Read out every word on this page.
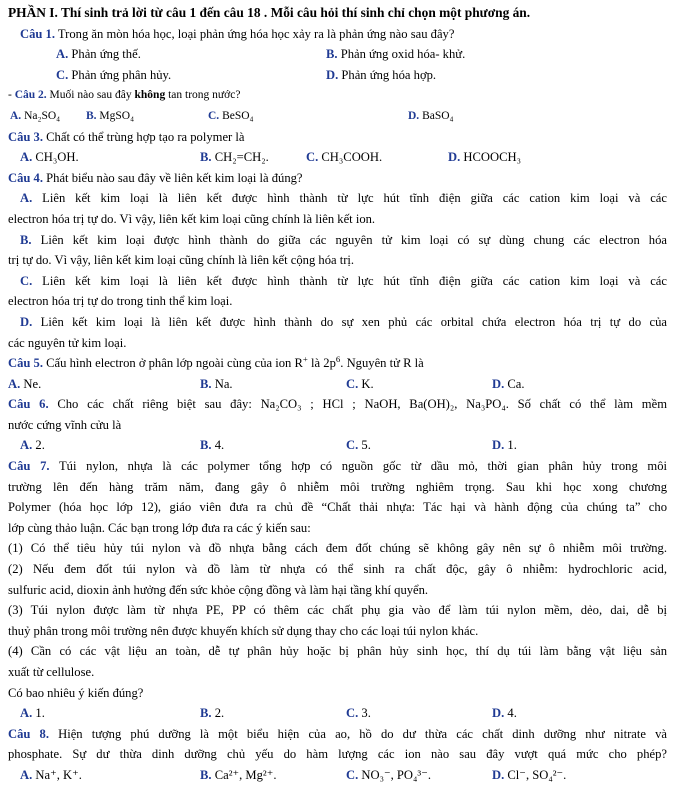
PHẦN I. Thí sinh trả lời từ câu 1 đến câu 18 . Mỗi câu hỏi thí sinh chỉ chọn một phương án.
Câu 1. Trong ăn mòn hóa học, loại phản ứng hóa học xảy ra là phản ứng nào sau đây?
A. Phản ứng thế.	B. Phản ứng oxid hóa- khử.
C. Phản ứng phân hủy.	D. Phản ứng hóa hợp.
- Câu 2. Muối nào sau đây không tan trong nước?
A. Na₂SO₄ B. MgSO₄	C. BeSO₄	D. BaSO₄
Câu 3. Chất có thể trùng hợp tạo ra polymer là
A. CH₃OH.	B. CH₂=CH₂.	C. CH₃COOH.	D. HCOOCH₃
Câu 4. Phát biểu nào sau đây về liên kết kim loại là đúng?
A. Liên kết kim loại là liên kết được hình thành từ lực hút tĩnh điện giữa các cation kim loại và các
electron hóa trị tự do. Vì vậy, liên kết kim loại cũng chính là liên kết ion.
B. Liên kết kim loại được hình thành do giữa các nguyên tử kim loại có sự dùng chung các electron hóa
trị tự do. Vì vậy, liên kết kim loại cũng chính là liên kết cộng hóa trị.
C. Liên kết kim loại là liên kết được hình thành từ lực hút tĩnh điện giữa các cation kim loại và các
electron hóa trị tự do trong tinh thể kim loại.
D. Liên kết kim loại là liên kết được hình thành do sự xen phủ các orbital chứa electron hóa trị tự do của
các nguyên tử kim loại.
Câu 5. Cấu hình electron ở phân lớp ngoài cùng của ion R+ là $2p^6$. Nguyên tử R là
A. Ne.	B. Na.	C. K.	D. Ca.
Câu 6. Cho các chất riêng biệt sau đây: Na₂CO₃ ; HCl ; NaOH, Ba(OH)₂, Na₃PO₄. Số chất có thể làm mềm
nước cứng vĩnh cửu là
A. 2.	B. 4.	C. 5.	D. 1.
Câu 7. Túi nylon, nhựa là các polymer tổng hợp có nguồn gốc từ dầu mỏ, thời gian phân hủy trong môi
trường lên đến hàng trăm năm, đang gây ô nhiễm môi trường nghiêm trọng. Sau khi học xong chương
Polymer (hóa học lớp 12), giáo viên đưa ra chủ đề “Chất thải nhựa: Tác hại và hành động của chúng ta” cho
lớp cùng thảo luận. Các bạn trong lớp đưa ra các ý kiến sau:
(1) Có thể tiêu hủy túi nylon và đồ nhựa bằng cách đem đốt chúng sẽ không gây nên sự ô nhiễm môi trường.
(2) Nếu đem đốt túi nylon và đồ làm từ nhựa có thể sinh ra chất độc, gây ô nhiễm: hydrochloric acid,
sulfuric acid, dioxin ảnh hưởng đến sức khỏe cộng đồng và làm hại tầng khí quyển.
(3) Túi nylon được làm từ nhựa PE, PP có thêm các chất phụ gia vào để làm túi nylon mềm, dẻo, dai, dễ bị
thuỷ phân trong môi trường nên được khuyến khích sử dụng thay cho các loại túi nylon khác.
(4) Cần có các vật liệu an toàn, dễ tự phân hủy hoặc bị phân hủy sinh học, thí dụ túi làm bằng vật liệu sản
xuất từ cellulose.
Có bao nhiêu ý kiến đúng?
A. 1.	B. 2.	C. 3.	D. 4.
Câu 8. Hiện tượng phú dưỡng là một biểu hiện của ao, hồ do dư thừa các chất dinh dưỡng như nitrate và
phosphate. Sự dư thừa dinh dưỡng chủ yếu do hàm lượng các ion nào sau đây vượt quá mức cho phép?
A. Na⁺, K⁺.	B. Ca²⁺, Mg²⁺.	C. NO₃⁻, PO₄³⁻.	D. Cl⁻, SO₄²⁻.
